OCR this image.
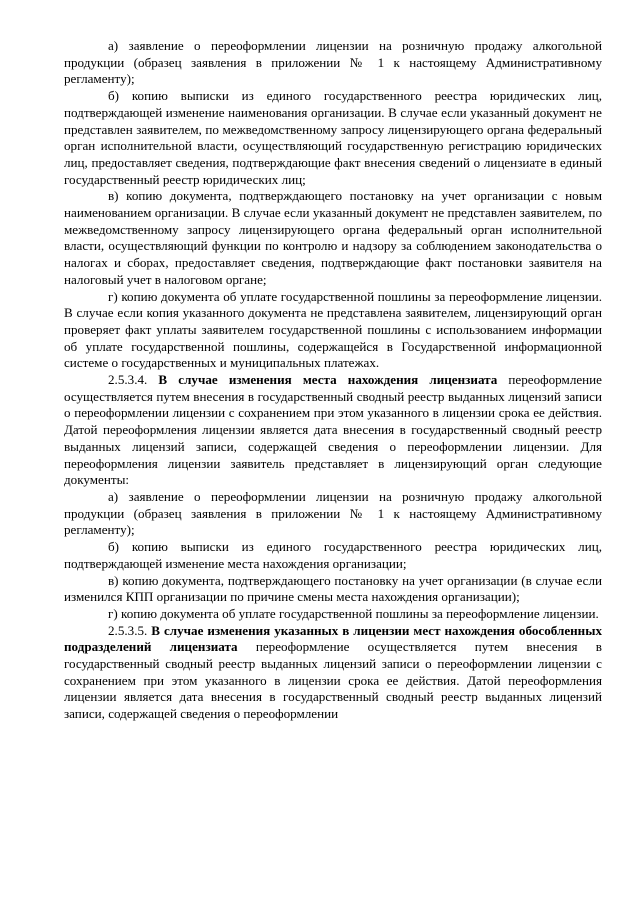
а) заявление о переоформлении лицензии на розничную продажу алкогольной продукции (образец заявления в приложении № 1 к настоящему Административному регламенту);

б) копию выписки из единого государственного реестра юридических лиц, подтверждающей изменение наименования организации. В случае если указанный документ не представлен заявителем, по межведомственному запросу лицензирующего органа федеральный орган исполнительной власти, осуществляющий государственную регистрацию юридических лиц, предоставляет сведения, подтверждающие факт внесения сведений о лицензиате в единый государственный реестр юридических лиц;

в) копию документа, подтверждающего постановку на учет организации с новым наименованием организации. В случае если указанный документ не представлен заявителем, по межведомственному запросу лицензирующего органа федеральный орган исполнительной власти, осуществляющий функции по контролю и надзору за соблюдением законодательства о налогах и сборах, предоставляет сведения, подтверждающие факт постановки заявителя на налоговый учет в налоговом органе;

г) копию документа об уплате государственной пошлины за переоформление лицензии. В случае если копия указанного документа не представлена заявителем, лицензирующий орган проверяет факт уплаты заявителем государственной пошлины с использованием информации об уплате государственной пошлины, содержащейся в Государственной информационной системе о государственных и муниципальных платежах.

2.5.3.4. В случае изменения места нахождения лицензиата переоформление осуществляется путем внесения в государственный сводный реестр выданных лицензий записи о переоформлении лицензии с сохранением при этом указанного в лицензии срока ее действия. Датой переоформления лицензии является дата внесения в государственный сводный реестр выданных лицензий записи, содержащей сведения о переоформлении лицензии. Для переоформления лицензии заявитель представляет в лицензирующий орган следующие документы:

а) заявление о переоформлении лицензии на розничную продажу алкогольной продукции (образец заявления в приложении № 1 к настоящему Административному регламенту);

б) копию выписки из единого государственного реестра юридических лиц, подтверждающей изменение места нахождения организации;

в) копию документа, подтверждающего постановку на учет организации (в случае если изменился КПП организации по причине смены места нахождения организации);

г) копию документа об уплате государственной пошлины за переоформление лицензии.

2.5.3.5. В случае изменения указанных в лицензии мест нахождения обособленных подразделений лицензиата переоформление осуществляется путем внесения в государственный сводный реестр выданных лицензий записи о переоформлении лицензии с сохранением при этом указанного в лицензии срока ее действия. Датой переоформления лицензии является дата внесения в государственный сводный реестр выданных лицензий записи, содержащей сведения о переоформлении
